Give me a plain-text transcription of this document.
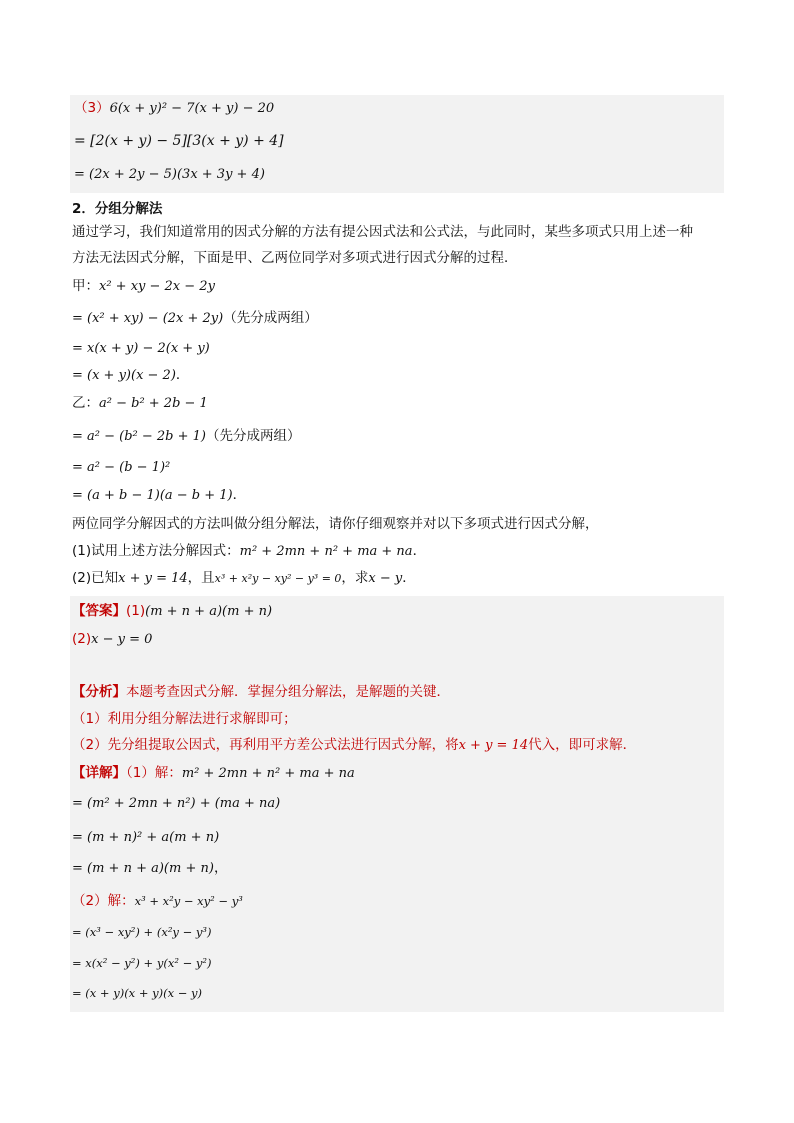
（3）6(x + y)² − 7(x + y) − 20
= [2(x + y) − 5][3(x + y) + 4]
= (2x + 2y − 5)(3x + 3y + 4)
2．分组分解法
通过学习，我们知道常用的因式分解的方法有提公因式法和公式法，与此同时，某些多项式只用上述一种
方法无法因式分解，下面是甲、乙两位同学对多项式进行因式分解的过程．
甲：x² + xy − 2x − 2y
= (x² + xy) − (2x + 2y)（先分成两组）
= x(x + y) − 2(x + y)
= (x + y)(x − 2)．
乙：a² − b² + 2b − 1
= a² − (b² − 2b + 1)（先分成两组）
= a² − (b − 1)²
= (a + b − 1)(a − b + 1)．
两位同学分解因式的方法叫做分组分解法，请你仔细观察并对以下多项式进行因式分解，
(1)试用上述方法分解因式：m² + 2mn + n² + ma + na．
(2)已知x + y = 14，且x³ + x²y − xy² − y³ = 0，求x − y．
【答案】(1)(m + n + a)(m + n)
(2)x − y = 0
【分析】本题考查因式分解．掌握分组分解法，是解题的关键．
（1）利用分组分解法进行求解即可；
（2）先分组提取公因式，再利用平方差公式法进行因式分解，将x + y = 14代入，即可求解．
【详解】（1）解：m² + 2mn + n² + ma + na
= (m² + 2mn + n²) + (ma + na)
= (m + n)² + a(m + n)
= (m + n + a)(m + n)，
（2）解：x³ + x²y − xy² − y³
= (x³ − xy²) + (x²y − y³)
= x(x² − y²) + y(x² − y²)
= (x + y)(x + y)(x − y)
